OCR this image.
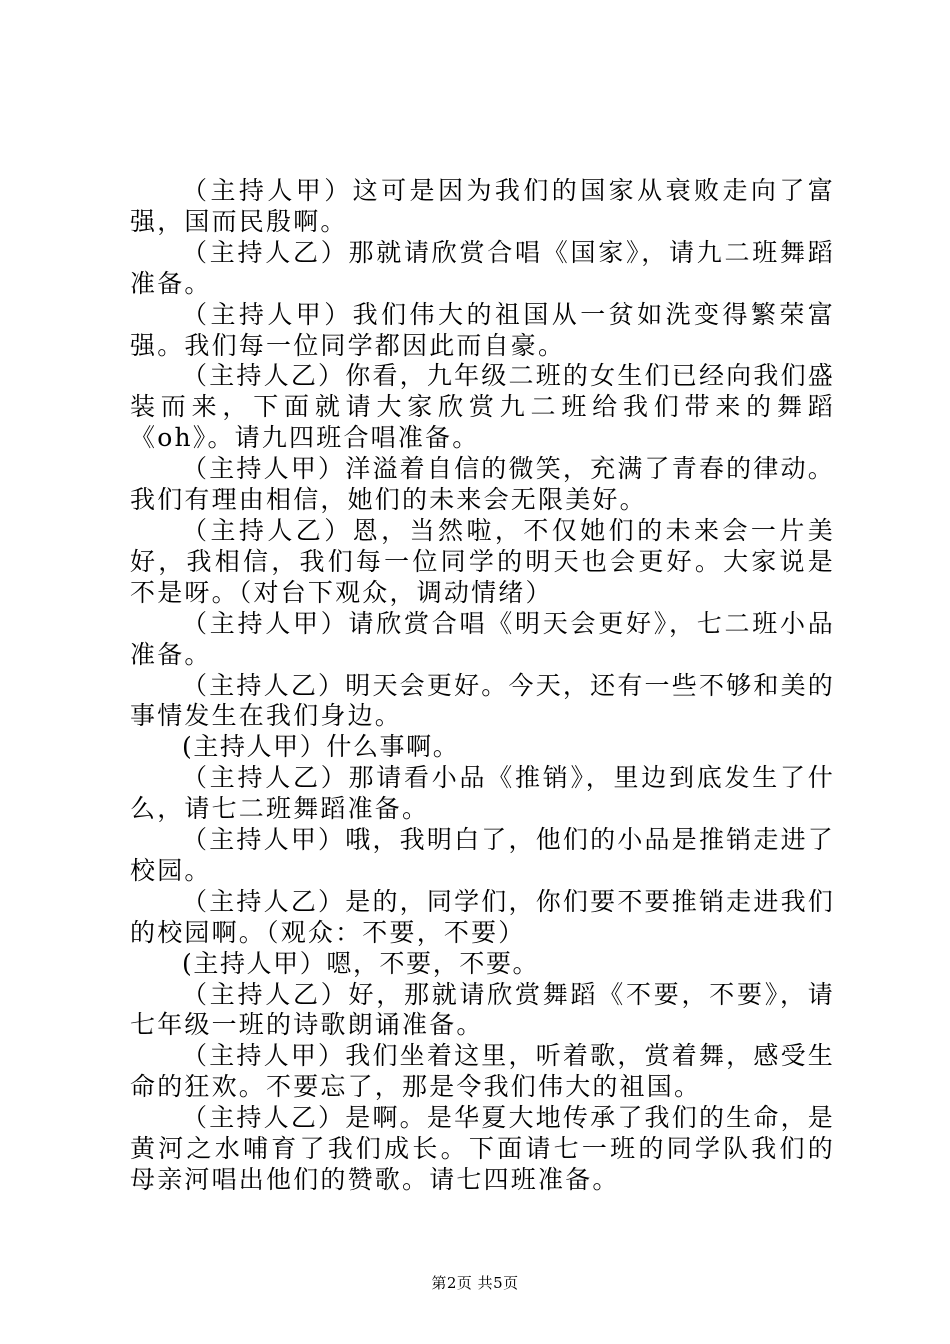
（主持人甲）这可是因为我们的国家从衰败走向了富强，国而民殷啊。

（主持人乙）那就请欣赏合唱《国家》，请九二班舞蹈准备。

（主持人甲）我们伟大的祖国从一贫如洗变得繁荣富强。我们每一位同学都因此而自豪。

（主持人乙）你看，九年级二班的女生们已经向我们盛装而来，下面就请大家欣赏九二班给我们带来的舞蹈《oh》。请九四班合唱准备。

（主持人甲）洋溢着自信的微笑，充满了青春的律动。我们有理由相信，她们的未来会无限美好。

（主持人乙）恩，当然啦，不仅她们的未来会一片美好，我相信，我们每一位同学的明天也会更好。大家说是不是呀。（对台下观众，调动情绪）

（主持人甲）请欣赏合唱《明天会更好》，七二班小品准备。

（主持人乙）明天会更好。今天，还有一些不够和美的事情发生在我们身边。

(主持人甲）什么事啊。

（主持人乙）那请看小品《推销》，里边到底发生了什么，请七二班舞蹈准备。

（主持人甲）哦，我明白了，他们的小品是推销走进了校园。

（主持人乙）是的，同学们，你们要不要推销走进我们的校园啊。（观众：不要，不要）

(主持人甲）嗯，不要，不要。

（主持人乙）好，那就请欣赏舞蹈《不要，不要》，请七年级一班的诗歌朗诵准备。

（主持人甲）我们坐着这里，听着歌，赏着舞，感受生命的狂欢。不要忘了，那是令我们伟大的祖国。

（主持人乙）是啊。是华夏大地传承了我们的生命，是黄河之水哺育了我们成长。下面请七一班的同学队我们的母亲河唱出他们的赞歌。请七四班准备。

第2页 共5页
